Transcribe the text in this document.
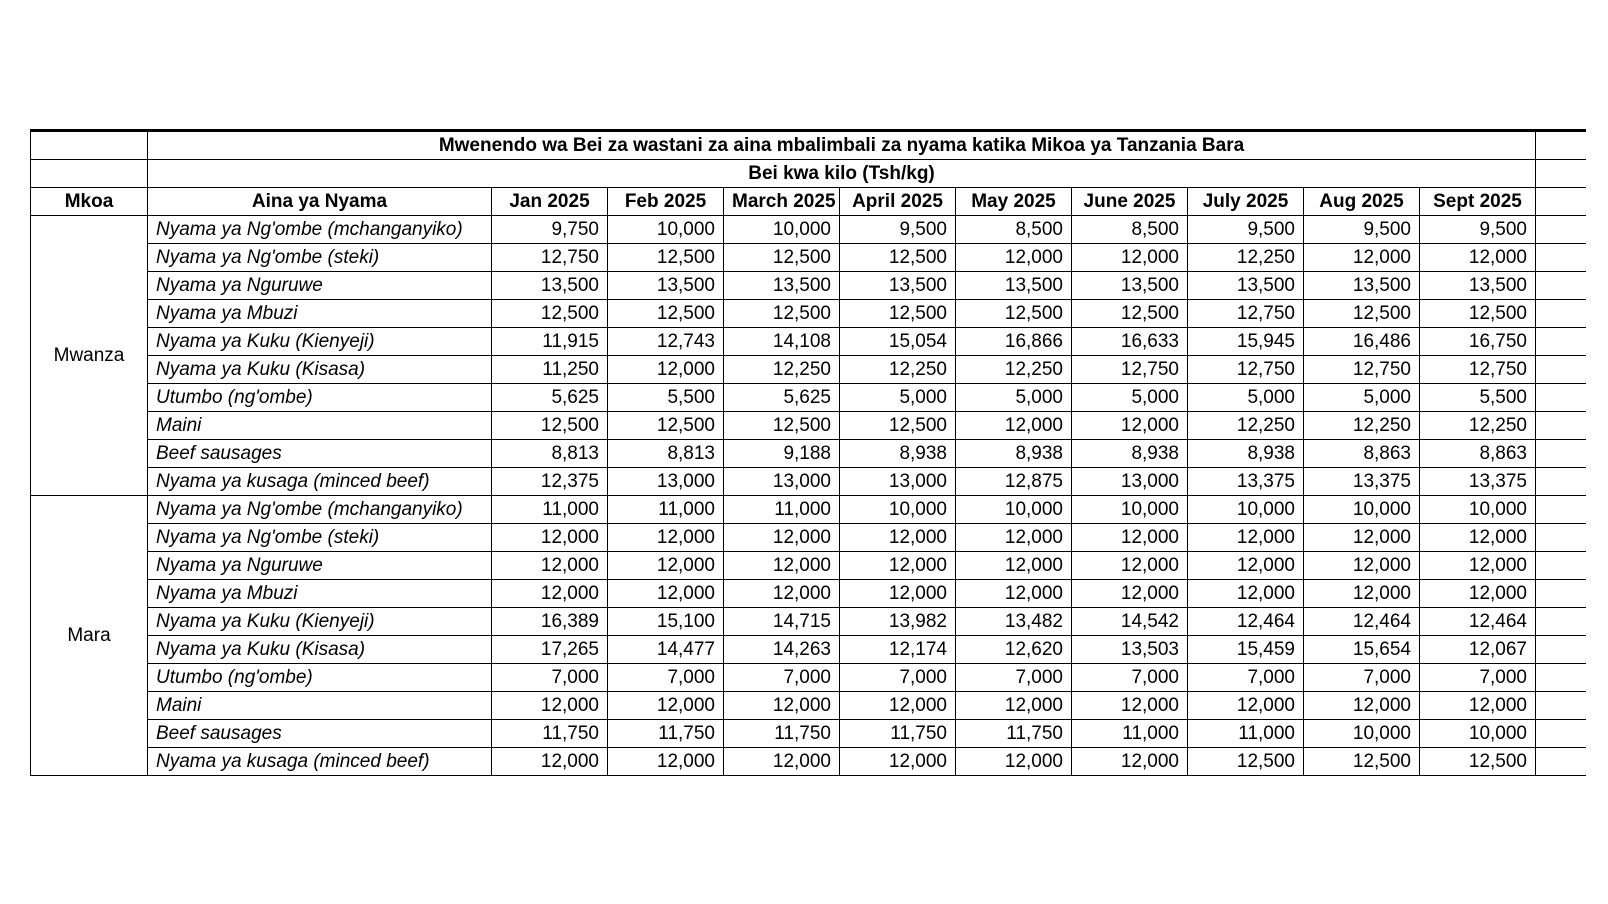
	Mwenendo wa Bei za wastani za aina mbalimbali za nyama katika Mikoa ya Tanzania Bara										
	Bei kwa kilo (Tsh/kg)										
Mkoa	Aina ya Nyama	Jan 2025	Feb 2025	March 2025	April 2025	May 2025	June 2025	July 2025	Aug 2025	Sept 2025	
Mwanza	Nyama ya Ng'ombe (mchanganyiko)	9,750	10,000	10,000	9,500	8,500	8,500	9,500	9,500	9,500	
	Nyama ya Ng'ombe (steki)	12,750	12,500	12,500	12,500	12,000	12,000	12,250	12,000	12,000	
	Nyama ya Nguruwe	13,500	13,500	13,500	13,500	13,500	13,500	13,500	13,500	13,500	
	Nyama ya Mbuzi	12,500	12,500	12,500	12,500	12,500	12,500	12,750	12,500	12,500	
	Nyama ya Kuku (Kienyeji)	11,915	12,743	14,108	15,054	16,866	16,633	15,945	16,486	16,750	
	Nyama ya Kuku (Kisasa)	11,250	12,000	12,250	12,250	12,250	12,750	12,750	12,750	12,750	
	Utumbo (ng'ombe)	5,625	5,500	5,625	5,000	5,000	5,000	5,000	5,000	5,500	
	Maini	12,500	12,500	12,500	12,500	12,000	12,000	12,250	12,250	12,250	
	Beef sausages	8,813	8,813	9,188	8,938	8,938	8,938	8,938	8,863	8,863	
	Nyama ya kusaga (minced beef)	12,375	13,000	13,000	13,000	12,875	13,000	13,375	13,375	13,375	
Mara	Nyama ya Ng'ombe (mchanganyiko)	11,000	11,000	11,000	10,000	10,000	10,000	10,000	10,000	10,000	
	Nyama ya Ng'ombe (steki)	12,000	12,000	12,000	12,000	12,000	12,000	12,000	12,000	12,000	
	Nyama ya Nguruwe	12,000	12,000	12,000	12,000	12,000	12,000	12,000	12,000	12,000	
	Nyama ya Mbuzi	12,000	12,000	12,000	12,000	12,000	12,000	12,000	12,000	12,000	
	Nyama ya Kuku (Kienyeji)	16,389	15,100	14,715	13,982	13,482	14,542	12,464	12,464	12,464	
	Nyama ya Kuku (Kisasa)	17,265	14,477	14,263	12,174	12,620	13,503	15,459	15,654	12,067	
	Utumbo (ng'ombe)	7,000	7,000	7,000	7,000	7,000	7,000	7,000	7,000	7,000	
	Maini	12,000	12,000	12,000	12,000	12,000	12,000	12,000	12,000	12,000	
	Beef sausages	11,750	11,750	11,750	11,750	11,750	11,000	11,000	10,000	10,000	
	Nyama ya kusaga (minced beef)	12,000	12,000	12,000	12,000	12,000	12,000	12,500	12,500	12,500	
